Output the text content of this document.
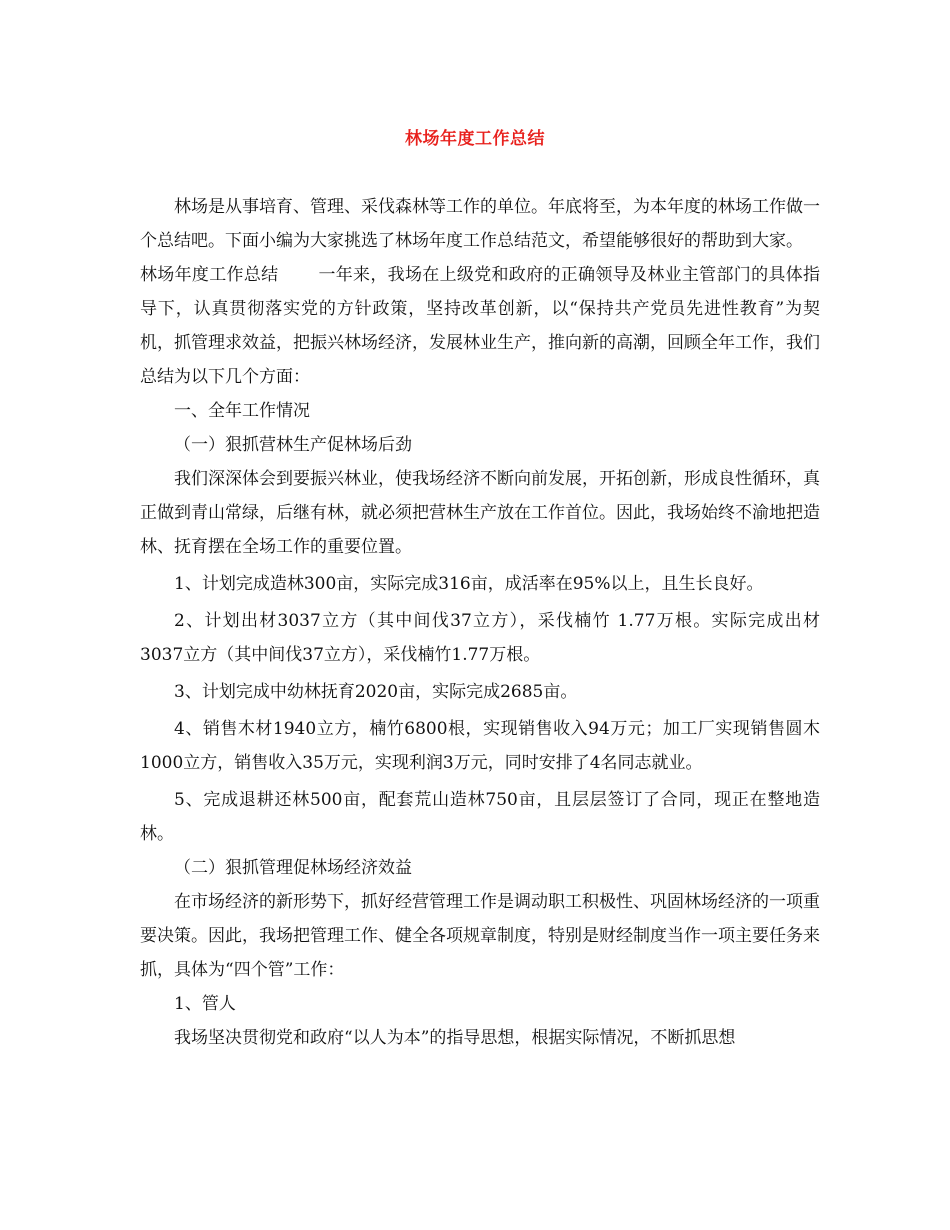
林场年度工作总结

林场是从事培育、管理、采伐森林等工作的单位。年底将至，为本年度的林场工作做一个总结吧。下面小编为大家挑选了林场年度工作总结范文，希望能够很好的帮助到大家。

林场年度工作总结 一年来，我场在上级党和政府的正确领导及林业主管部门的具体指导下，认真贯彻落实党的方针政策，坚持改革创新，以“保持共产党员先进性教育”为契机，抓管理求效益，把振兴林场经济，发展林业生产，推向新的高潮，回顾全年工作，我们总结为以下几个方面：

一、全年工作情况

（一）狠抓营林生产促林场后劲

我们深深体会到要振兴林业，使我场经济不断向前发展，开拓创新，形成良性循环，真正做到青山常绿，后继有林，就必须把营林生产放在工作首位。因此，我场始终不渝地把造林、抚育摆在全场工作的重要位置。

1、计划完成造林300亩，实际完成316亩，成活率在95%以上，且生长良好。

2、计划出材3037立方（其中间伐37立方），采伐楠竹 1.77万根。实际完成出材3037立方（其中间伐37立方），采伐楠竹1.77万根。

3、计划完成中幼林抚育2020亩，实际完成2685亩。

4、销售木材1940立方，楠竹6800根，实现销售收入94万元；加工厂实现销售圆木1000立方，销售收入35万元，实现利润3万元，同时安排了4名同志就业。

5、完成退耕还林500亩，配套荒山造林750亩，且层层签订了合同，现正在整地造林。

（二）狠抓管理促林场经济效益

在市场经济的新形势下，抓好经营管理工作是调动职工积极性、巩固林场经济的一项重要决策。因此，我场把管理工作、健全各项规章制度，特别是财经制度当作一项主要任务来抓，具体为“四个管”工作：

1、管人

我场坚决贯彻党和政府“以人为本”的指导思想，根据实际情况，不断抓思想
